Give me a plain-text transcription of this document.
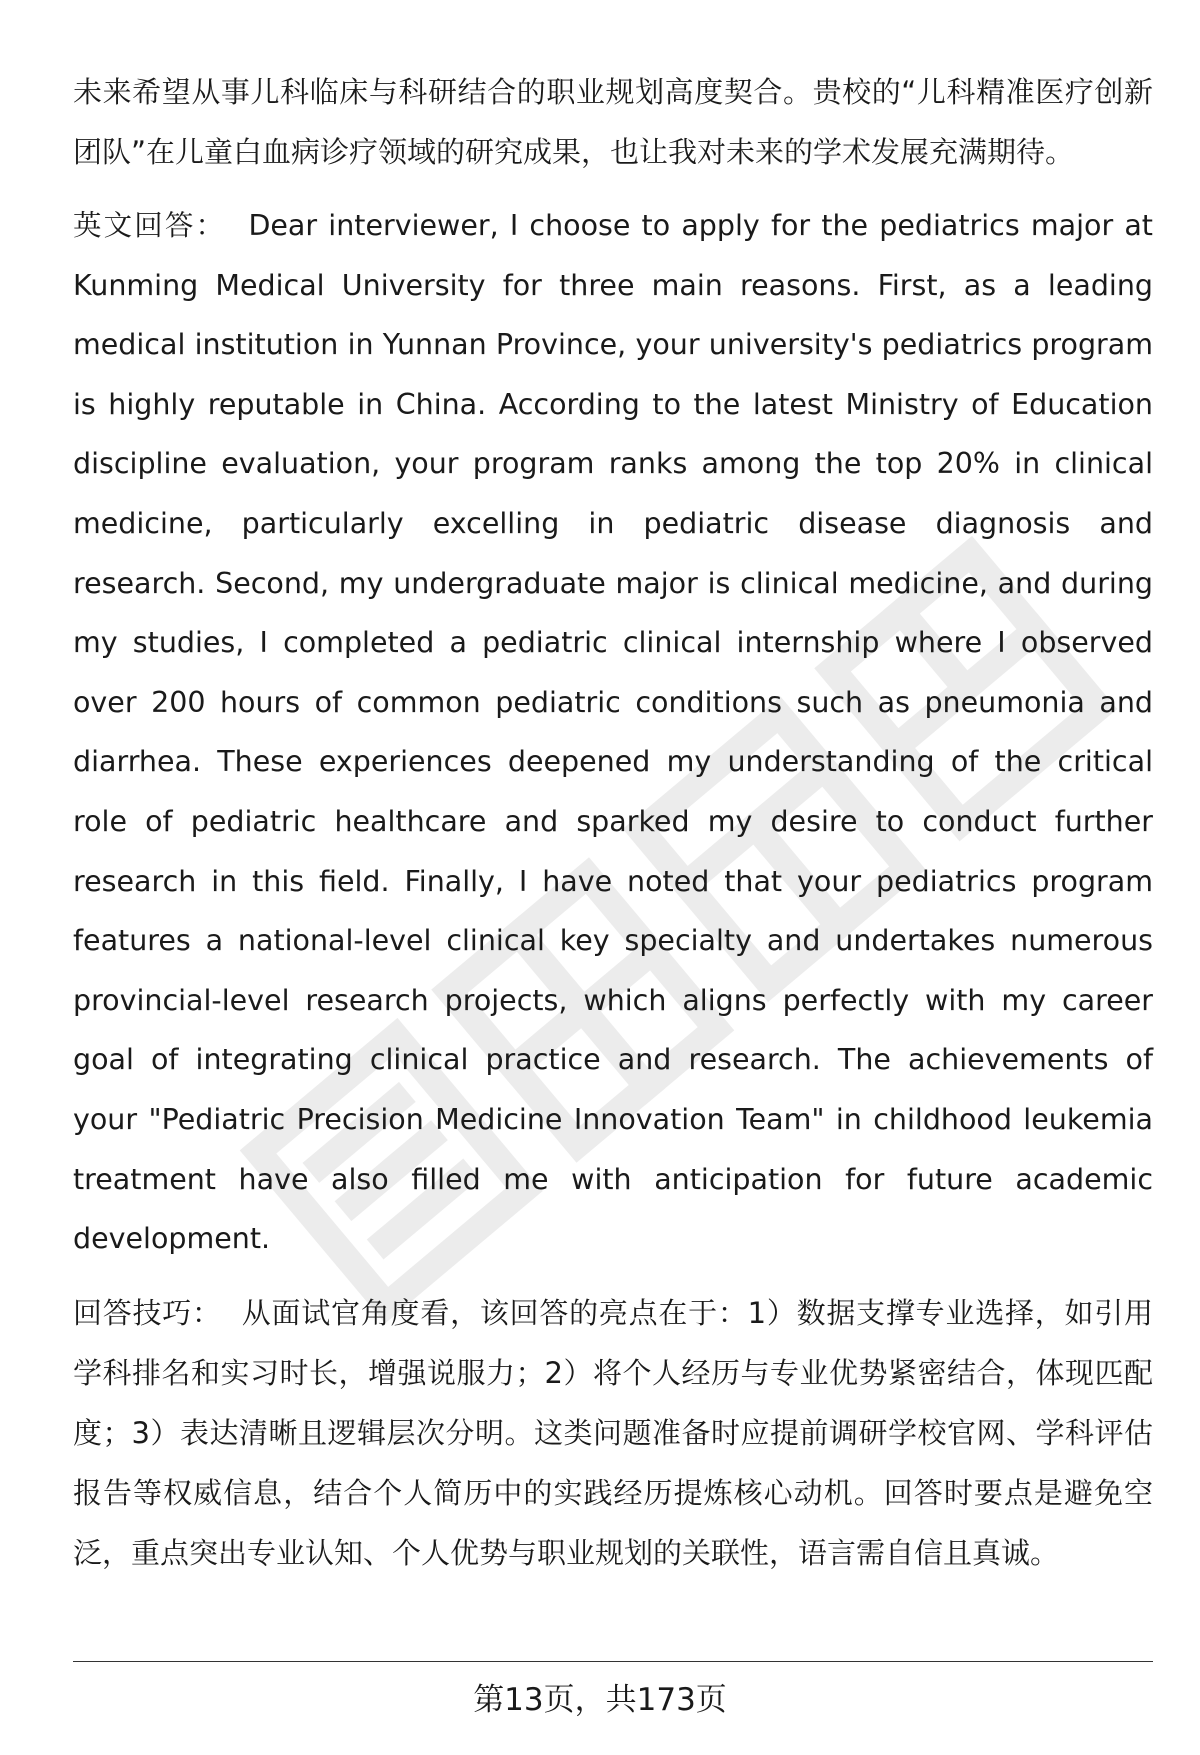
未来希望从事儿科临床与科研结合的职业规划高度契合。贵校的“儿科精准医疗创新团队”在儿童白血病诊疗领域的研究成果，也让我对未来的学术发展充满期待。

英文回答： Dear interviewer, I choose to apply for the pediatrics major at Kunming Medical University for three main reasons. First, as a leading medical institution in Yunnan Province, your university's pediatrics program is highly reputable in China. According to the latest Ministry of Education discipline evaluation, your program ranks among the top 20% in clinical medicine, particularly excelling in pediatric disease diagnosis and research. Second, my undergraduate major is clinical medicine, and during my studies, I completed a pediatric clinical internship where I observed over 200 hours of common pediatric conditions such as pneumonia and diarrhea. These experiences deepened my understanding of the critical role of pediatric healthcare and sparked my desire to conduct further research in this field. Finally, I have noted that your pediatrics program features a national-level clinical key specialty and undertakes numerous provincial-level research projects, which aligns perfectly with my career goal of integrating clinical practice and research. The achievements of your "Pediatric Precision Medicine Innovation Team" in childhood leukemia treatment have also filled me with anticipation for future academic development.

回答技巧： 从面试官角度看，该回答的亮点在于：1）数据支撑专业选择，如引用学科排名和实习时长，增强说服力；2）将个人经历与专业优势紧密结合，体现匹配度；3）表达清晰且逻辑层次分明。这类问题准备时应提前调研学校官网、学科评估报告等权威信息，结合个人简历中的实践经历提炼核心动机。回答时要点是避免空泛，重点突出专业认知、个人优势与职业规划的关联性，语言需自信且真诚。

第13页，共173页
